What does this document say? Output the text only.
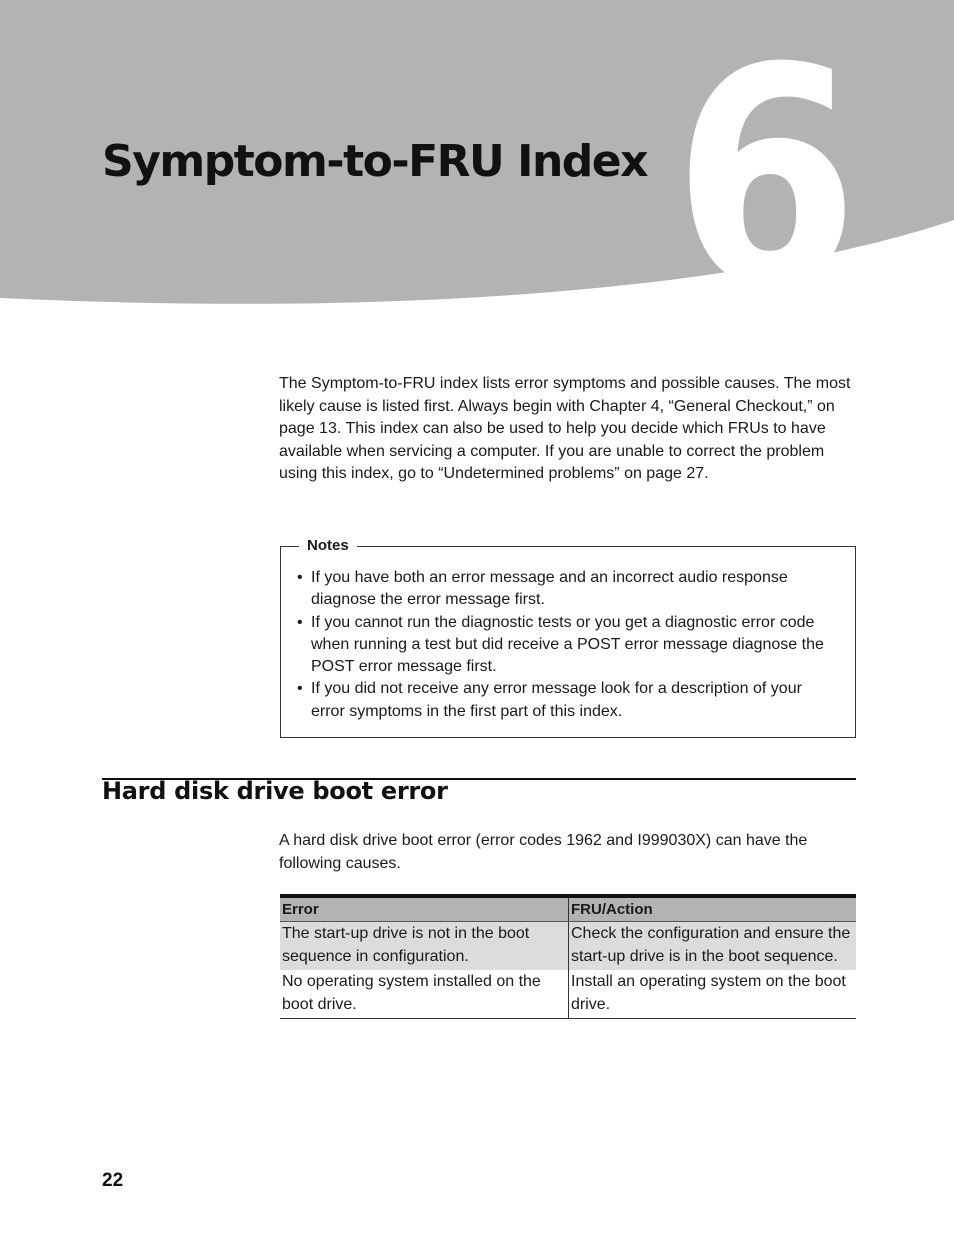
6
Symptom-to-FRU Index

The Symptom-to-FRU index lists error symptoms and possible causes. The most likely cause is listed first. Always begin with Chapter 4, “General Checkout,” on page 13. This index can also be used to help you decide which FRUs to have available when servicing a computer. If you are unable to correct the problem using this index, go to “Undetermined problems” on page 27.

Notes
• If you have both an error message and an incorrect audio response diagnose the error message first.
• If you cannot run the diagnostic tests or you get a diagnostic error code when running a test but did receive a POST error message diagnose the POST error message first.
• If you did not receive any error message look for a description of your error symptoms in the first part of this index.
Hard disk drive boot error

A hard disk drive boot error (error codes 1962 and I999030X) can have the following causes.

Error	FRU/Action
The start-up drive is not in the boot sequence in configuration.	Check the configuration and ensure the start-up drive is in the boot sequence.
No operating system installed on the boot drive.	Install an operating system on the boot drive.
22
